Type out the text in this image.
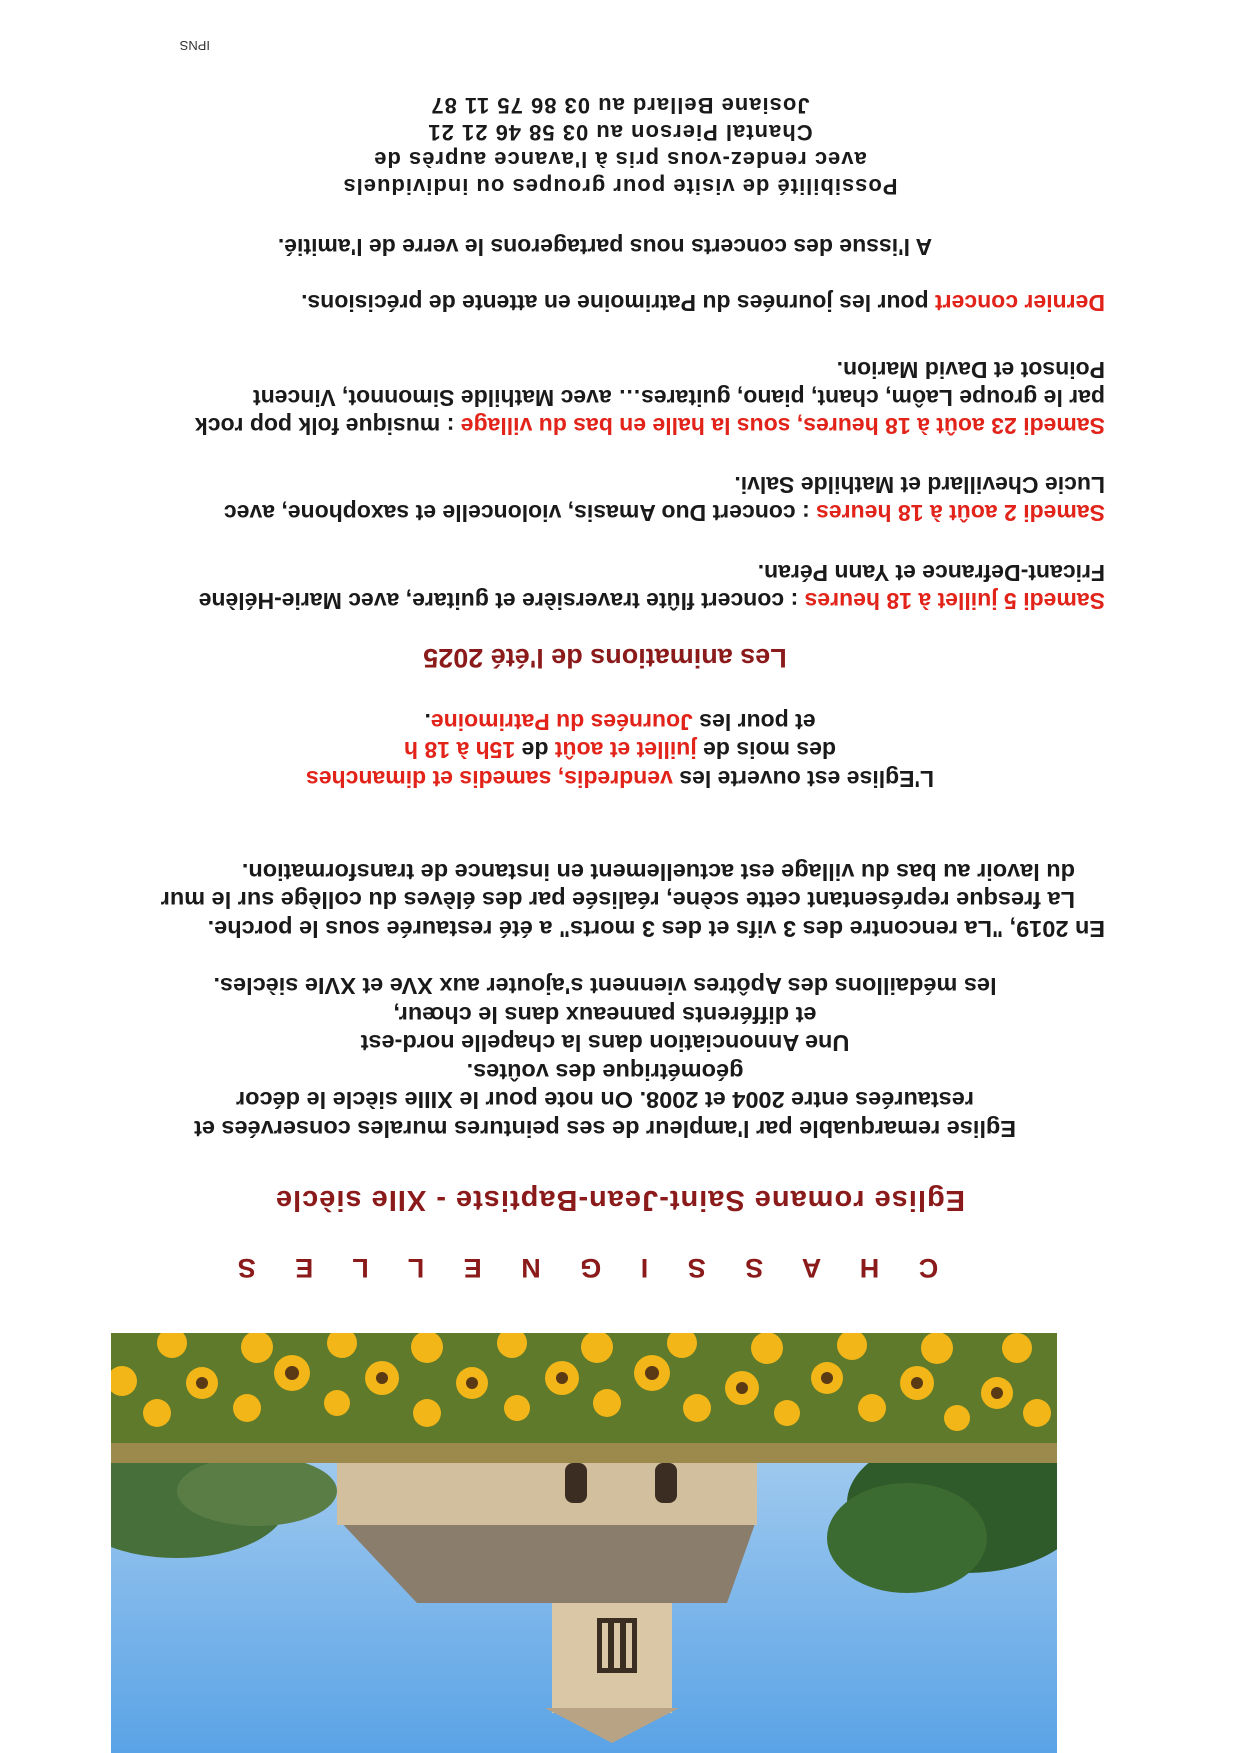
C H A S S I G N E L L E S
Eglise romane Saint-Jean-Baptiste - XIIe siècle
Eglise remarquable par l'ampleur de ses peintures murales conservées et
restaurées entre 2004 et 2008. On note pour le XIIIe siècle le décor
géométrique des voûtes.
Une Annonciation dans la chapelle nord-est
et différents panneaux dans le chœur,
les médaillons des Apôtres viennent s'ajouter aux XVe et XVIe siècles.
En 2019, "La rencontre des 3 vifs et des 3 morts" a été restaurée sous le porche.
La fresque représentant cette scène, réalisée par des élèves du collège sur le mur
du lavoir au bas du village est actuellement en instance de transformation.
L'Eglise est ouverte les vendredis, samedis et dimanches
des mois de juillet et août de 15h à 18 h
et pour les Journées du Patrimoine.
Les animations de l'été 2025
Samedi 5 juillet à 18 heures : concert flûte traversière et guitare, avec Marie-Hélène
Fricant-Defrance et Yann Péran.
Samedi 2 août à 18 heures : concert Duo Amasis, violoncelle et saxophone, avec
Lucie Chevillard et Mathilde Salvi.
Samedi 23 août à 18 heures, sous la halle en bas du village : musique folk pop rock
par le groupe Laôm, chant, piano, guitares… avec Mathilde Simonnot, Vincent
Poinsot et David Marion.
Dernier concert pour les journées du Patrimoine en attente de précisions.
A l'issue des concerts nous partagerons le verre de l'amitié.
Possibilité de visite pour groupes ou individuels
avec rendez-vous pris à l'avance auprès de
Chantal Pierson au 03 58 46 21 21
Josiane Bellard au 03 86 75 11 87
IPNS
